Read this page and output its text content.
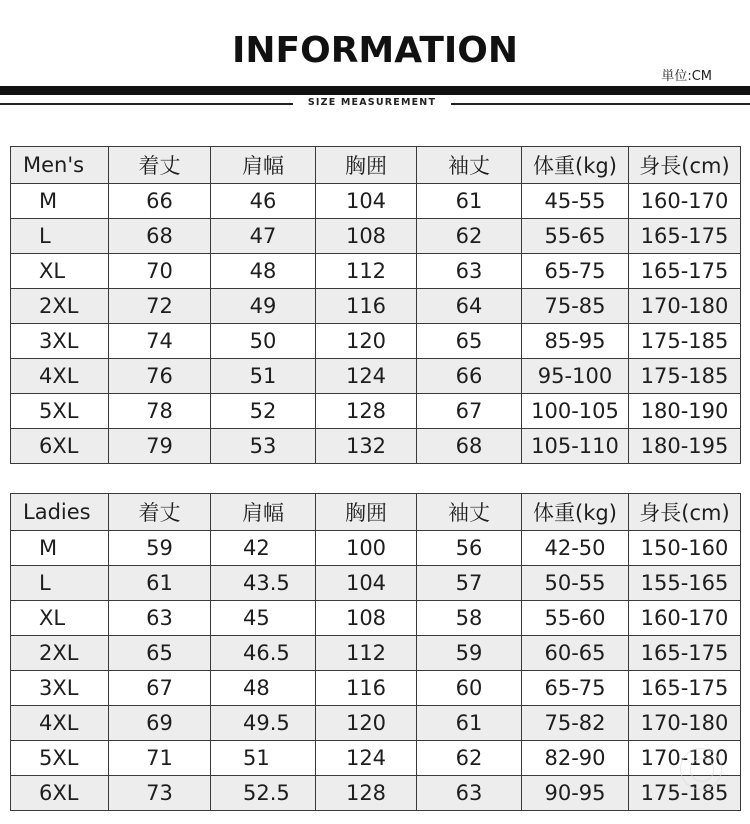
INFORMATION
単位:CM
SIZE MEASUREMENT
Men's	着丈	肩幅	胸囲	袖丈	体重(kg)	身長(cm)
M	66	46	104	61	45-55	160-170
L	68	47	108	62	55-65	165-175
XL	70	48	112	63	65-75	165-175
2XL	72	49	116	64	75-85	170-180
3XL	74	50	120	65	85-95	175-185
4XL	76	51	124	66	95-100	175-185
5XL	78	52	128	67	100-105	180-190
6XL	79	53	132	68	105-110	180-195
Ladies	着丈	肩幅	胸囲	袖丈	体重(kg)	身長(cm)
M	59	42	100	56	42-50	150-160
L	61	43.5	104	57	50-55	155-165
XL	63	45	108	58	55-60	160-170
2XL	65	46.5	112	59	60-65	165-175
3XL	67	48	116	60	65-75	165-175
4XL	69	49.5	120	61	75-82	170-180
5XL	71	51	124	62	82-90	170-180
6XL	73	52.5	128	63	90-95	175-185
